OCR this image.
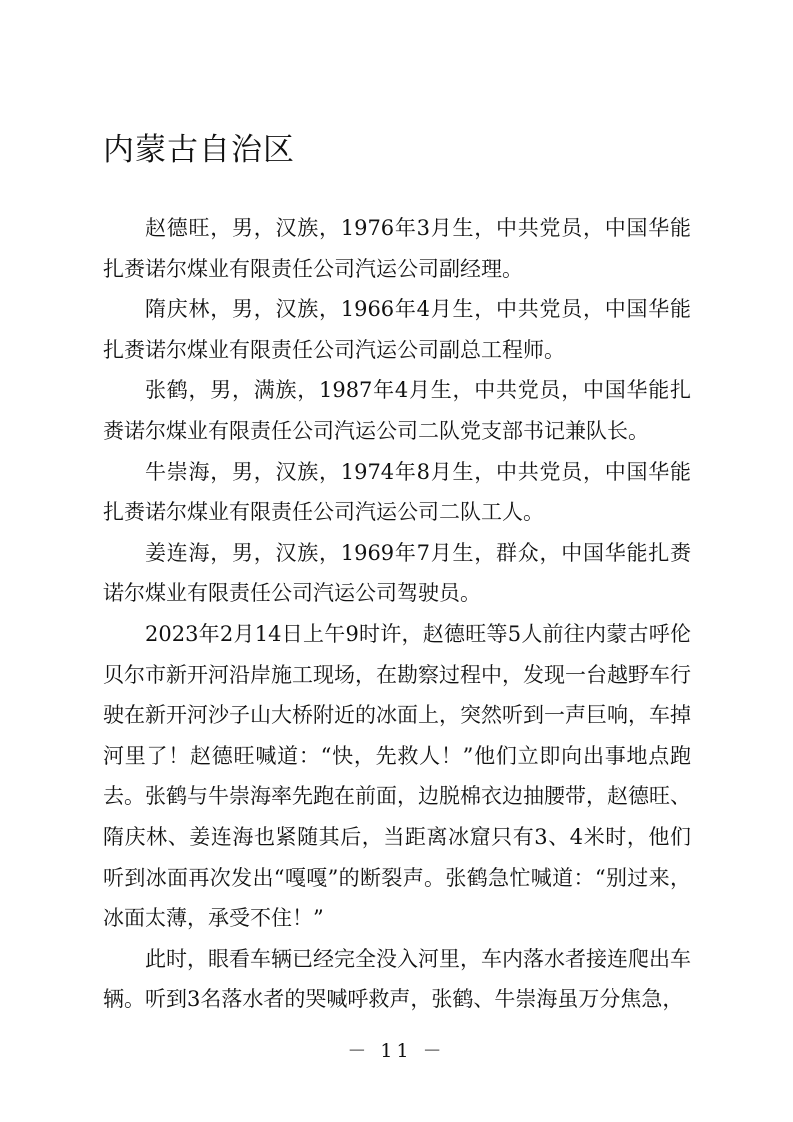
内蒙古自治区

赵德旺，男，汉族，1976年3月生，中共党员，中国华能扎赉诺尔煤业有限责任公司汽运公司副经理。

隋庆林，男，汉族，1966年4月生，中共党员，中国华能扎赉诺尔煤业有限责任公司汽运公司副总工程师。

张鹤，男，满族，1987年4月生，中共党员，中国华能扎赉诺尔煤业有限责任公司汽运公司二队党支部书记兼队长。

牛崇海，男，汉族，1974年8月生，中共党员，中国华能扎赉诺尔煤业有限责任公司汽运公司二队工人。

姜连海，男，汉族，1969年7月生，群众，中国华能扎赉诺尔煤业有限责任公司汽运公司驾驶员。

2023年2月14日上午9时许，赵德旺等5人前往内蒙古呼伦贝尔市新开河沿岸施工现场，在勘察过程中，发现一台越野车行驶在新开河沙子山大桥附近的冰面上，突然听到一声巨响，车掉河里了！赵德旺喊道：“快，先救人！”他们立即向出事地点跑去。张鹤与牛崇海率先跑在前面，边脱棉衣边抽腰带，赵德旺、隋庆林、姜连海也紧随其后，当距离冰窟只有3、4米时，他们听到冰面再次发出“嘎嘎”的断裂声。张鹤急忙喊道：“别过来，冰面太薄，承受不住！”

此时，眼看车辆已经完全没入河里，车内落水者接连爬出车辆。听到3名落水者的哭喊呼救声，张鹤、牛崇海虽万分焦急，

－ 11 －
